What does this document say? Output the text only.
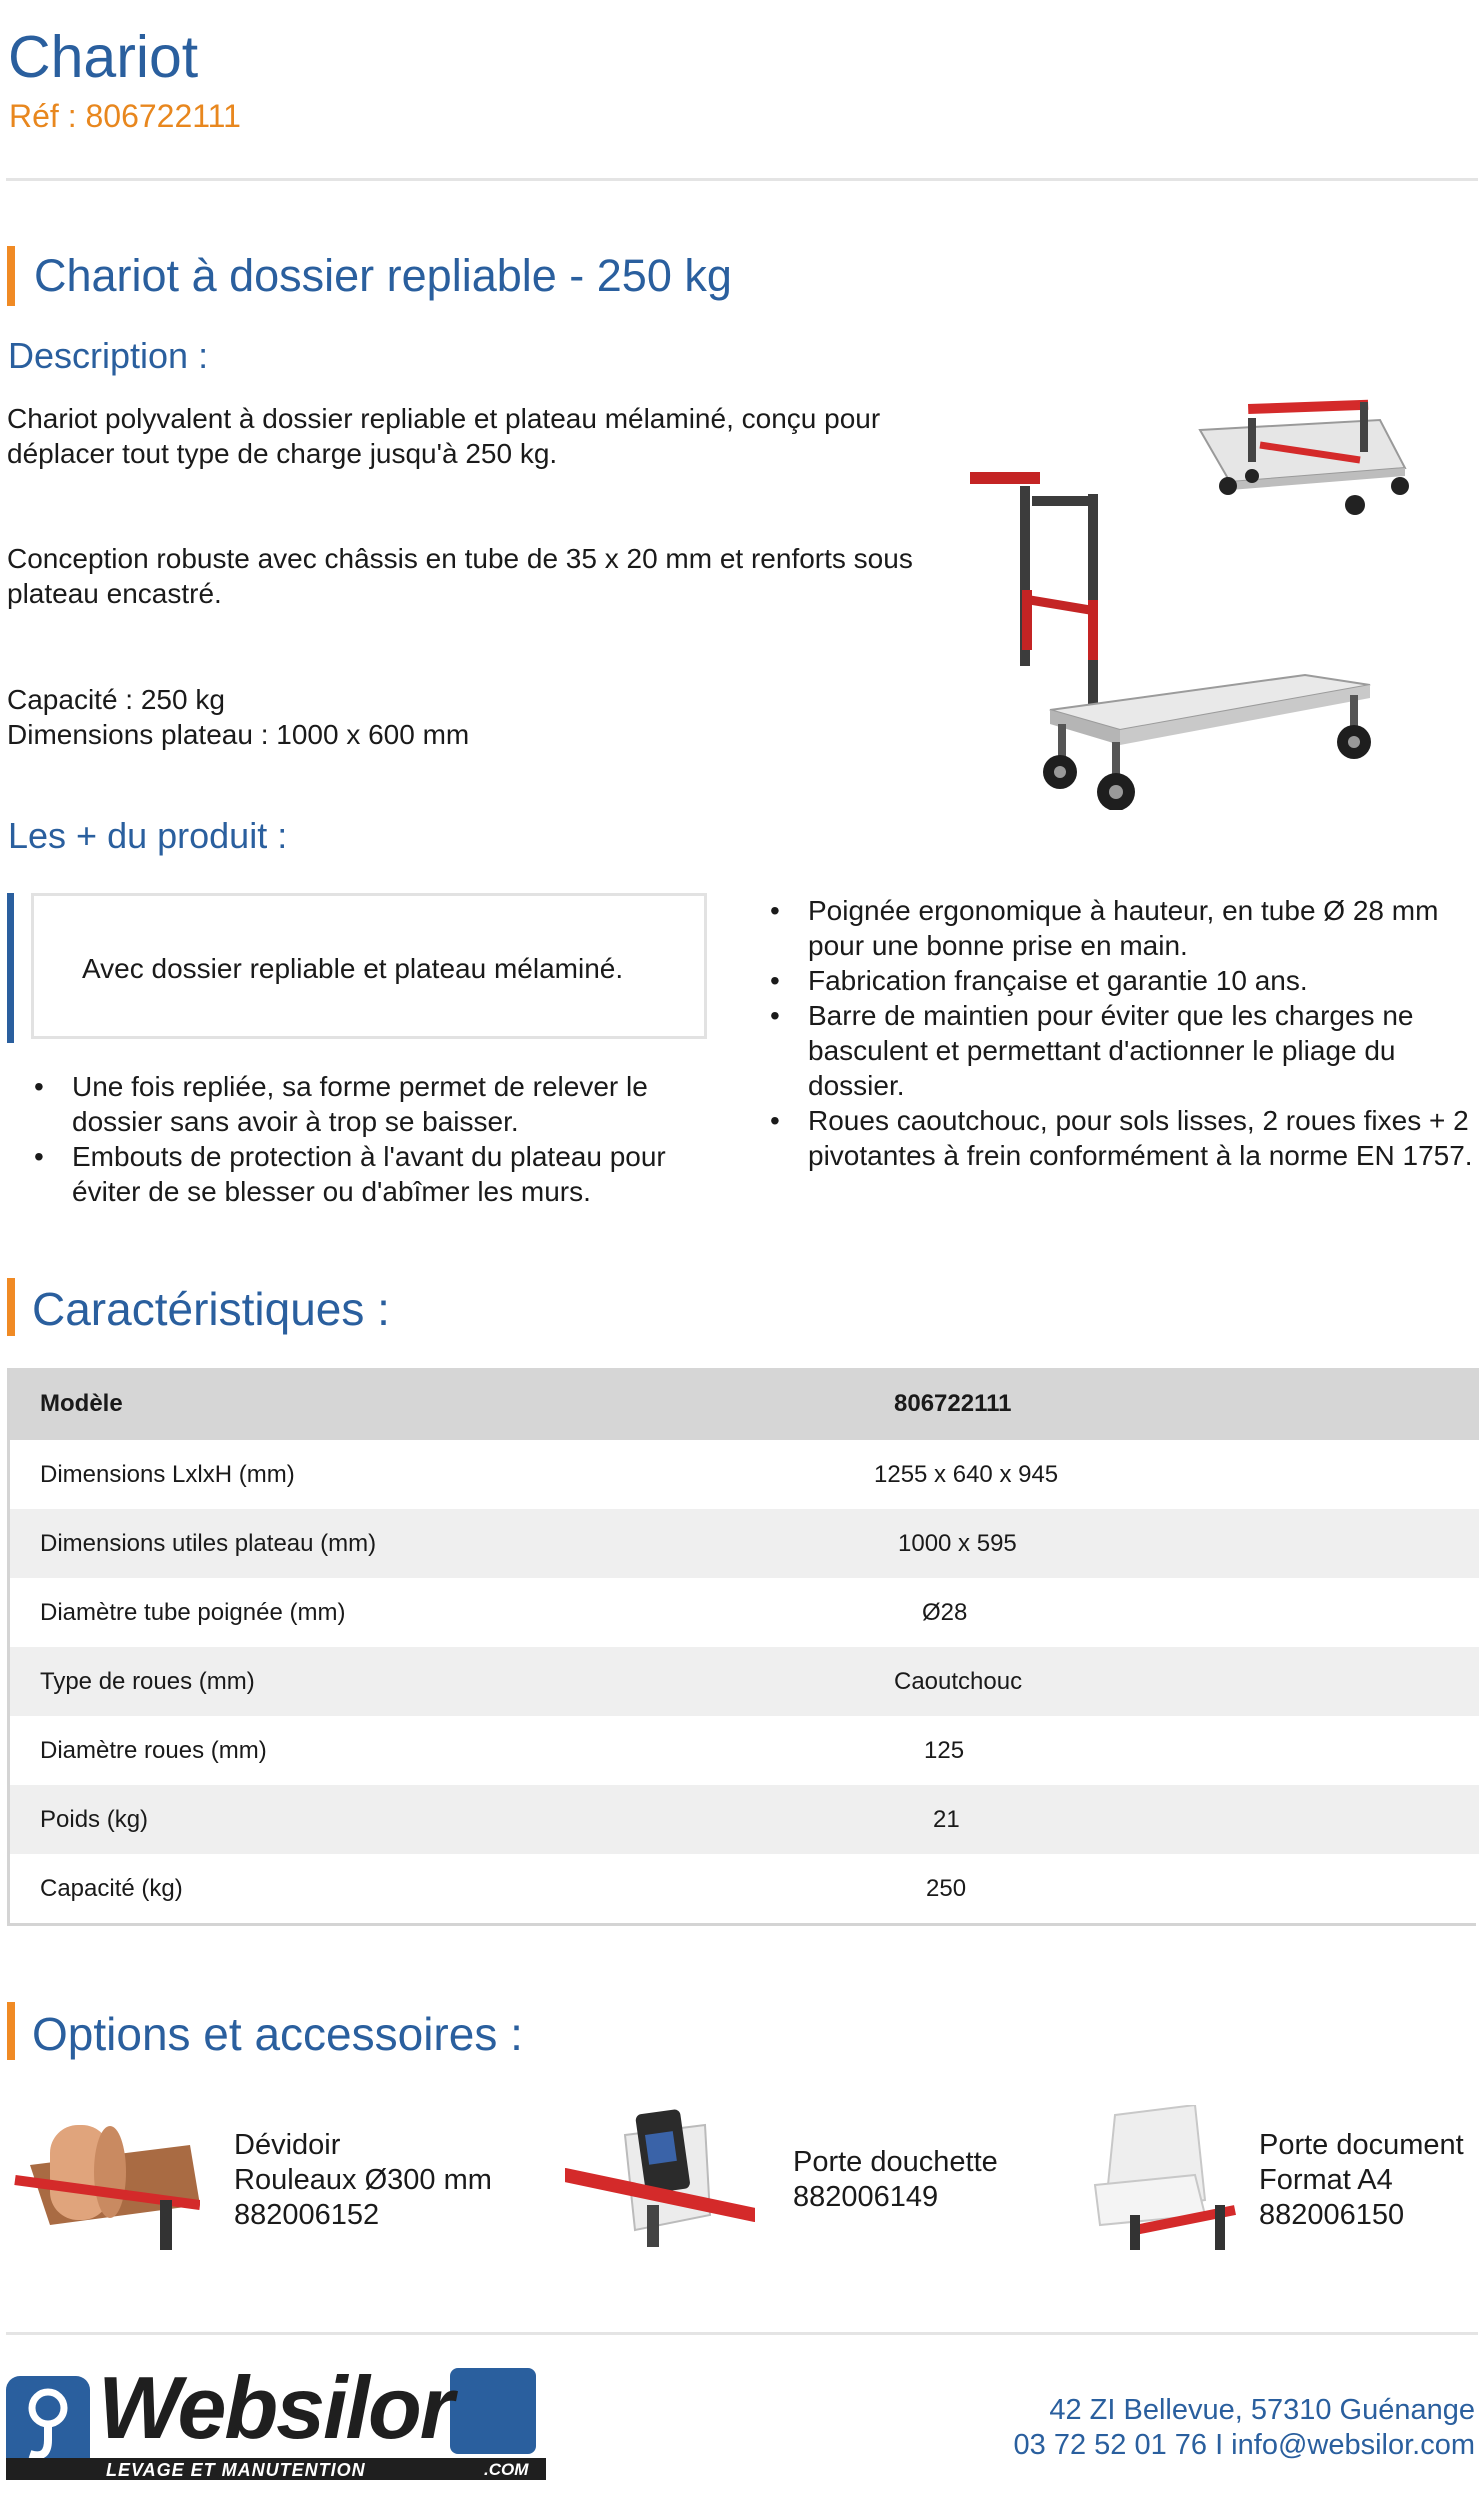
Chariot
Réf : 806722111
Chariot à dossier repliable - 250 kg
Description :
Chariot polyvalent à dossier repliable et plateau mélaminé, conçu pour déplacer tout type de charge jusqu'à 250 kg.
Conception robuste avec châssis en tube de 35 x 20 mm et renforts sous plateau encastré.
Capacité : 250 kg
Dimensions plateau : 1000 x 600 mm
Les + du produit :
Avec dossier repliable et plateau mélaminé.
• Une fois repliée, sa forme permet de relever le dossier sans avoir à trop se baisser.
• Embouts de protection à l'avant du plateau pour éviter de se blesser ou d'abîmer les murs.
• Poignée ergonomique à hauteur, en tube Ø 28 mm pour une bonne prise en main.
• Fabrication française et garantie 10 ans.
• Barre de maintien pour éviter que les charges ne basculent et permettant d'actionner le pliage du dossier.
• Roues caoutchouc, pour sols lisses, 2 roues fixes + 2 pivotantes à frein conformément à la norme EN 1757.
Caractéristiques :
Modèle	806722111
Dimensions LxlxH (mm)	1255 x 640 x 945
Dimensions utiles plateau (mm)	1000 x 595
Diamètre tube poignée (mm)	Ø28
Type de roues (mm)	Caoutchouc
Diamètre roues (mm)	125
Poids (kg)	21
Capacité (kg)	250
Options et accessoires :
Dévidoir
Rouleaux Ø300 mm
882006152
Porte douchette
882006149
Porte document
Format A4
882006150
Websilor
LEVAGE ET MANUTENTION	.COM
42 ZI Bellevue, 57310 Guénange
03 72 52 01 76 I info@websilor.com
